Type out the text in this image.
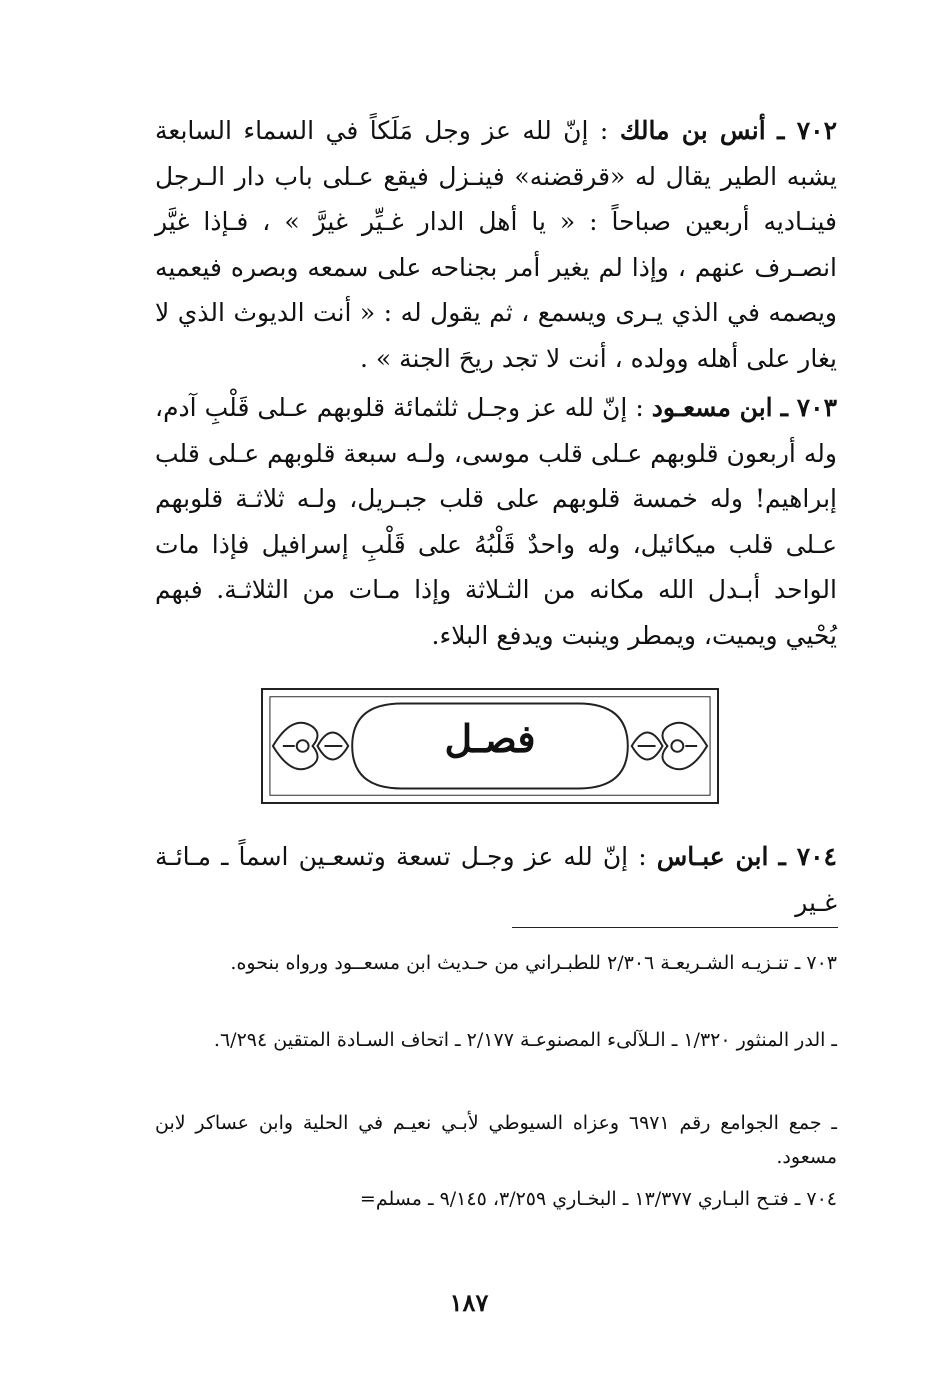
٧٠٢ ـ أنس بن مالك : إنّ لله عز وجل مَلَكاً في السماء السابعة يشبه الطير يقال له «قرقضنه» فينـزل فيقع عـلى باب دار الـرجل فينـاديه أربعين صباحاً : « يا أهل الدار غـيِّر غيرَّ » ، فـإذا غيَّر انصـرف عنهم ، وإذا لم يغير أمر بجناحه على سمعه وبصره فيعميه ويصمه في الذي يـرى ويسمع ، ثم يقول له : « أنت الديوث الذي لا يغار على أهله وولده ، أنت لا تجد ريحَ الجنة » .

٧٠٣ ـ ابن مسعـود : إنّ لله عز وجـل ثلثمائة قلوبهم عـلى قَلْبِ آدم، وله أربعون قلوبهم عـلى قلب موسى، ولـه سبعة قلوبهم عـلى قلب إبراهيم! وله خمسة قلوبهم على قلب جبـريل، ولـه ثلاثـة قلوبهم عـلى قلب ميكائيل، وله واحدٌ قَلْبُهُ على قَلْبِ إسرافيل فإذا مات الواحد أبـدل الله مكانه من الثـلاثة وإذا مـات من الثلاثـة. فبهم يُحْيي ويميت، ويمطر وينبت ويدفع البلاء.

فصـل

٧٠٤ ـ ابن عبـاس : إنّ لله عز وجـل تسعة وتسعـين اسماً ـ مـائـة غـير

٧٠٣ ـ تنـزيـه الشـريعـة ٢/٣٠٦ للطبـراني من حـديث ابن مسعــود ورواه بنحوه.

ـ الدر المنثور ١/٣٢٠ ـ الـلآلىء المصنوعـة ٢/١٧٧ ـ اتحاف السـادة المتقين ٦/٢٩٤.

ـ جمع الجوامع رقم ٦٩٧١ وعزاه السيوطي لأبـي نعيـم في الحلية وابن عساكر لابن مسعود.

٧٠٤ ـ فتـح البـاري ١٣/٣٧٧ ـ البخـاري ٣/٢٥٩، ٩/١٤٥ ـ مسلم=

١٨٧
